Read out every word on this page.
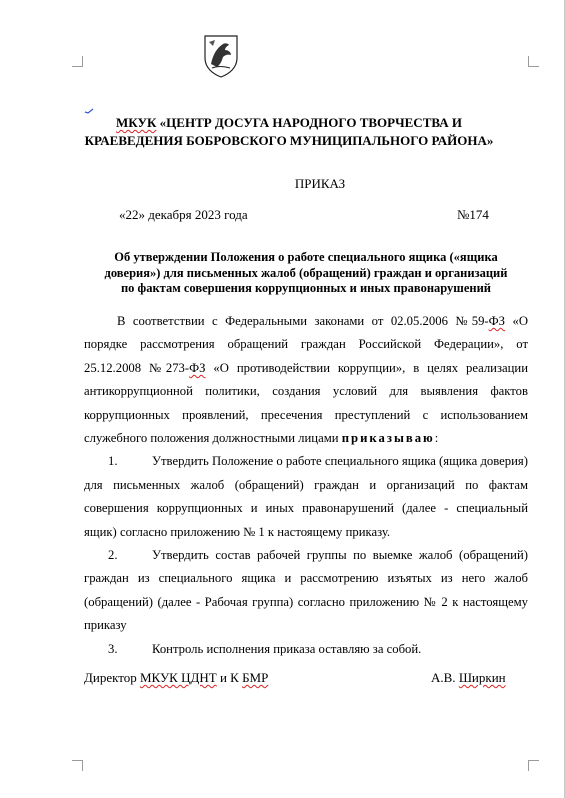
МКУК «ЦЕНТР ДОСУГА НАРОДНОГО ТВОРЧЕСТВА И
КРАЕВЕДЕНИЯ БОБРОВСКОГО МУНИЦИПАЛЬНОГО РАЙОНА»
ПРИКАЗ
«22» декабря 2023 года	№174
Об утверждении Положения о работе специального ящика («ящика
доверия») для письменных жалоб (обращений) граждан и организаций
по фактам совершения коррупционных и иных правонарушений

В соответствии с Федеральными законами от 02.05.2006 №59-ФЗ «О порядке рассмотрения обращений граждан Российской Федерации», от 25.12.2008 №273-ФЗ «О противодействии коррупции», в целях реализации антикоррупционной политики, создания условий для выявления фактов коррупционных проявлений, пресечения преступлений с использованием служебного положения должностными лицами приказываю:

1.	Утвердить Положение о работе специального ящика (ящика доверия) для письменных жалоб (обращений) граждан и организаций по фактам совершения коррупционных и иных правонарушений (далее - специальный ящик) согласно приложению № 1 к настоящему приказу.

2.	Утвердить состав рабочей группы по выемке жалоб (обращений) граждан из специального ящика и рассмотрению изъятых из него жалоб (обращений) (далее - Рабочая группа) согласно приложению № 2 к настоящему приказу

3.	Контроль исполнения приказа оставляю за собой.

Директор МКУК ЦДНТ и К БМР	А.В. Ширкин
